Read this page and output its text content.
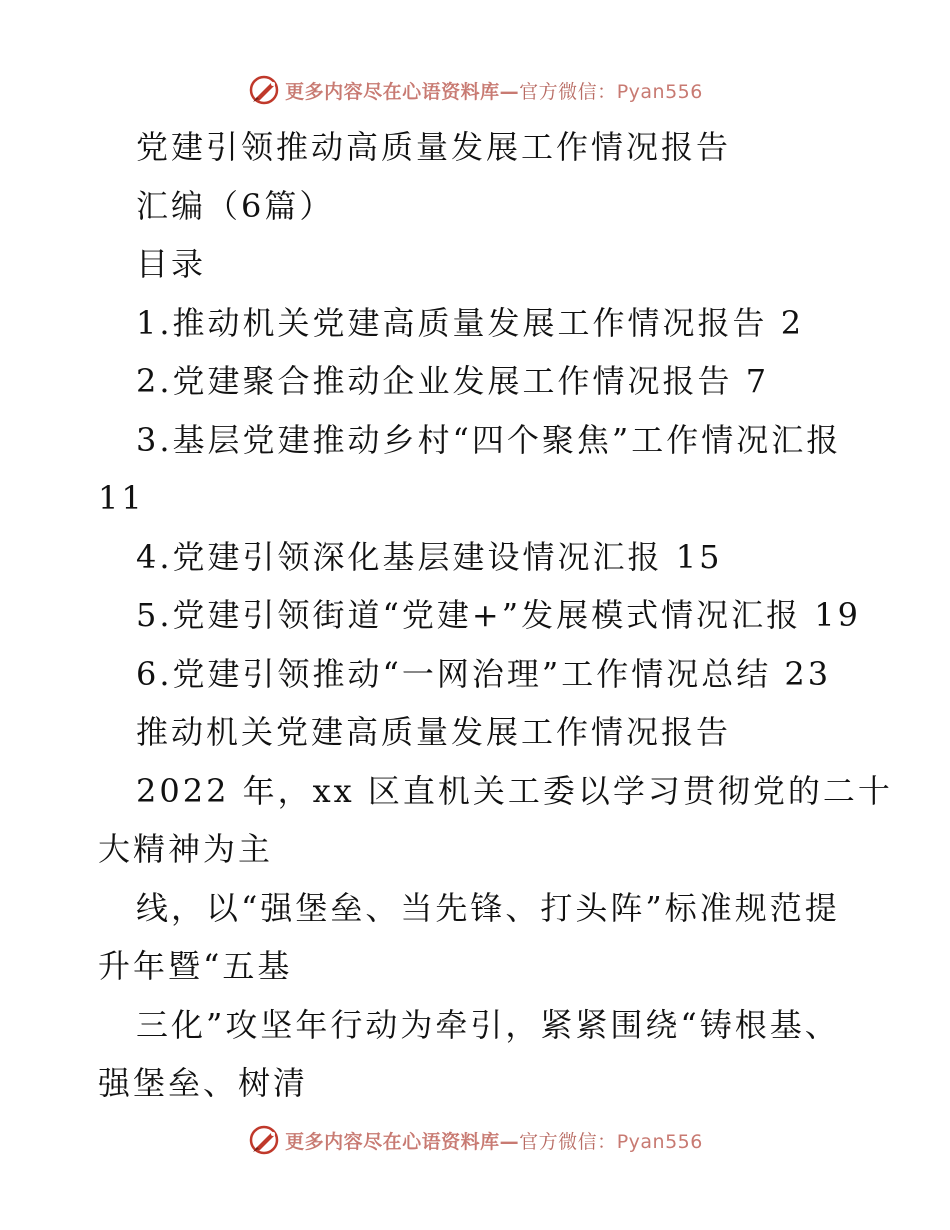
更多内容尽在心语资料库—官方微信：Pyan556
党建引领推动高质量发展工作情况报告
汇编（6篇）
目录
1.推动机关党建高质量发展工作情况报告 2
2.党建聚合推动企业发展工作情况报告 7
3.基层党建推动乡村“四个聚焦”工作情况汇报
11
4.党建引领深化基层建设情况汇报 15
5.党建引领街道“党建+”发展模式情况汇报 19
6.党建引领推动“一网治理”工作情况总结 23
推动机关党建高质量发展工作情况报告
2022 年，xx 区直机关工委以学习贯彻党的二十
大精神为主
线，以“强堡垒、当先锋、打头阵”标准规范提
升年暨“五基
三化”攻坚年行动为牵引，紧紧围绕“铸根基、
强堡垒、树清
更多内容尽在心语资料库—官方微信：Pyan556
